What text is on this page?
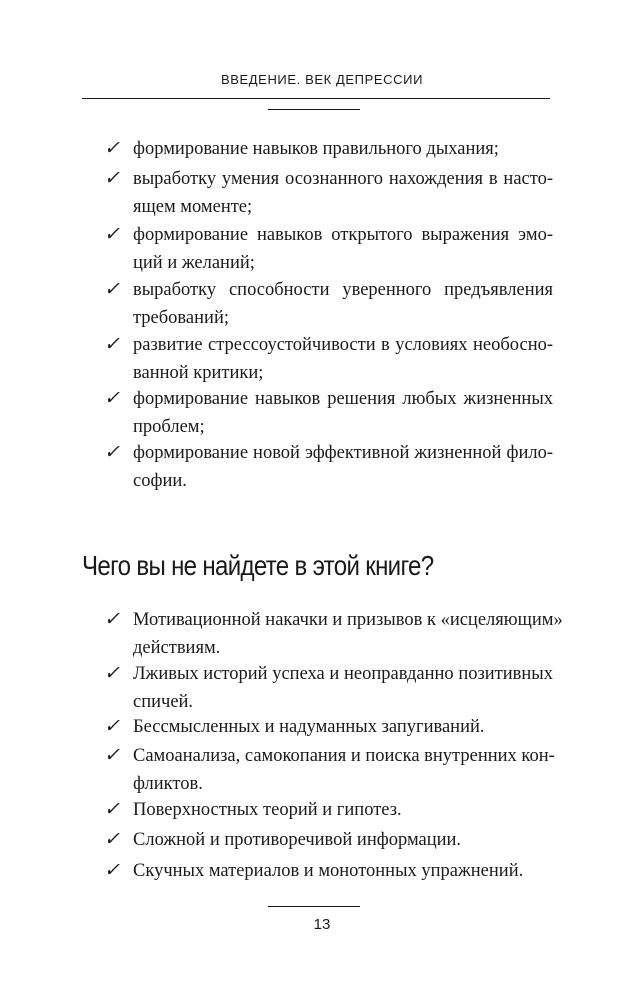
ВВЕДЕНИЕ. ВЕК ДЕПРЕССИИ
✓ формирование навыков правильного дыхания;
✓ выработку умения осознанного нахождения в насто-
ящем моменте;
✓ формирование навыков открытого выражения эмо-
ций и желаний;
✓ выработку способности уверенного предъявления
требований;
✓ развитие стрессоустойчивости в условиях необосно-
ванной критики;
✓ формирование навыков решения любых жизненных
проблем;
✓ формирование новой эффективной жизненной фило-
софии.
Чего вы не найдете в этой книге?
✓ Мотивационной накачки и призывов к «исцеляющим»
действиям.
✓ Лживых историй успеха и неоправданно позитивных
спичей.
✓ Бессмысленных и надуманных запугиваний.
✓ Самоанализа, самокопания и поиска внутренних кон-
фликтов.
✓ Поверхностных теорий и гипотез.
✓ Сложной и противоречивой информации.
✓ Скучных материалов и монотонных упражнений.
13
